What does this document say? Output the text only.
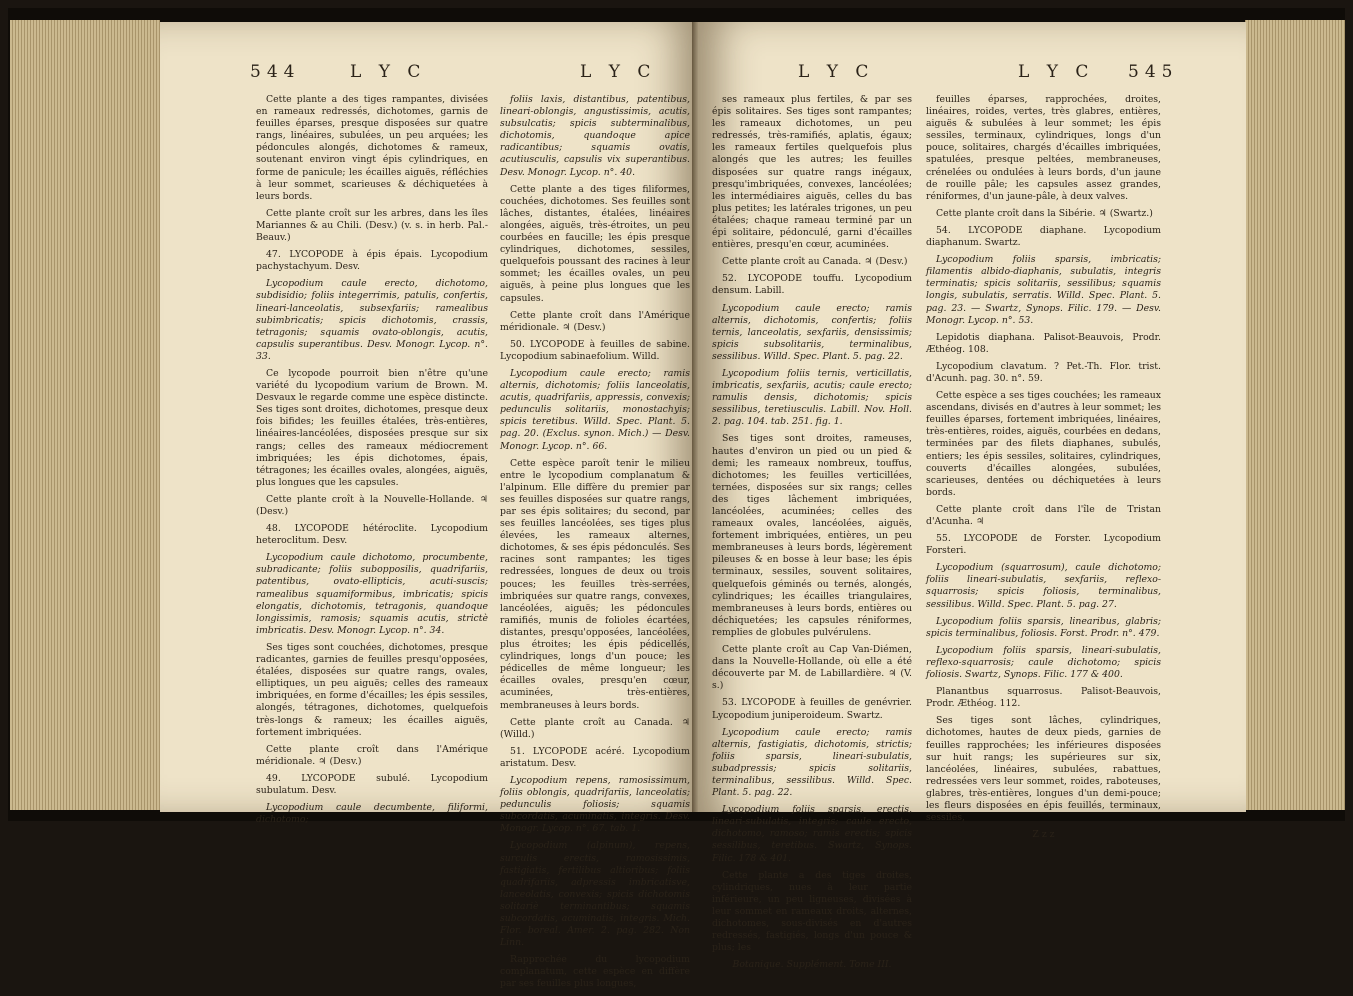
544	L Y C	L Y C

Cette plante a des tiges rampantes, divisées en rameaux redressés, dichotomes, garnis de feuilles éparses, presque disposées sur quatre rangs, linéaires, subulées, un peu arquées; les pédoncules alongés, dichotomes & rameux, soutenant environ vingt épis cylindriques, en forme de panicule; les écailles aiguës, réfléchies à leur sommet, scarieuses & déchiquetées à leurs bords.

Cette plante croît sur les arbres, dans les îles Mariannes & au Chili. (Desv.) (v. s. in herb. Pal.-Beauv.)

47. LYCOPODE à épis épais. Lycopodium pachystachyum. Desv.

Lycopodium caule erecto, dichotomo, subdisidio; foliis integerrimis, patulis, confertis, lineari-lanceolatis, subsexfariis; ramealibus subimbricatis; spicis dichotomis, crassis, tetragonis; squamis ovato-oblongis, acutis, capsulis superantibus. Desv. Monogr. Lycop. n°. 33.

Ce lycopode pourroit bien n'être qu'une variété du lycopodium varium de Brown. M. Desvaux le regarde comme une espèce distincte. Ses tiges sont droites, dichotomes, presque deux fois bifides; les feuilles étalées, très-entières, linéaires-lancéolées, disposées presque sur six rangs; celles des rameaux médiocrement imbriquées; les épis dichotomes, épais, tétragones; les écailles ovales, alongées, aiguës, plus longues que les capsules.

Cette plante croît à la Nouvelle-Hollande. ♃ (Desv.)

48. LYCOPODE hétéroclite. Lycopodium heteroclitum. Desv.

Lycopodium caule dichotomo, procumbente, subradicante; foliis subopposilis, quadrifariis, patentibus, ovato-ellipticis, acuti-suscis; ramealibus squamiformibus, imbricatis; spicis elongatis, dichotomis, tetragonis, quandoque longissimis, ramosis; squamis acutis, strictè imbricatis. Desv. Monogr. Lycop. n°. 34.

Ses tiges sont couchées, dichotomes, presque radicantes, garnies de feuilles presqu'opposées, étalées, disposées sur quatre rangs, ovales, elliptiques, un peu aiguës; celles des rameaux imbriquées, en forme d'écailles; les épis sessiles, alongés, tétragones, dichotomes, quelquefois très-longs & rameux; les écailles aiguës, fortement imbriquées.

Cette plante croît dans l'Amérique méridionale. ♃ (Desv.)

49. LYCOPODE subulé. Lycopodium subulatum. Desv.

Lycopodium caule decumbente, filiformi, dichotomo;

foliis laxis, distantibus, patentibus, lineari-oblongis, angustissimis, acutis, subsulcatis; spicis subterminalibus, dichotomis, quandoque apice radicantibus; squamis ovatis, acutiusculis, capsulis vix superantibus. Desv. Monogr. Lycop. n°. 40.

Cette plante a des tiges filiformes, couchées, dichotomes. Ses feuilles sont lâches, distantes, étalées, linéaires alongées, aiguës, très-étroites, un peu courbées en faucille; les épis presque cylindriques, dichotomes, sessiles, quelquefois poussant des racines à leur sommet; les écailles ovales, un peu aiguës, à peine plus longues que les capsules.

Cette plante croît dans l'Amérique méridionale. ♃ (Desv.)

50. LYCOPODE à feuilles de sabine. Lycopodium sabinaefolium. Willd.

Lycopodium caule erecto; ramis alternis, dichotomis; foliis lanceolatis, acutis, quadrifariis, appressis, convexis; pedunculis solitariis, monostachyis; spicis teretibus. Willd. Spec. Plant. 5. pag. 20. (Exclus. synon. Mich.) — Desv. Monogr. Lycop. n°. 66.

Cette espèce paroît tenir le milieu entre le lycopodium complanatum & l'alpinum. Elle diffère du premier par ses feuilles disposées sur quatre rangs, par ses épis solitaires; du second, par ses feuilles lancéolées, ses tiges plus élevées, les rameaux alternes, dichotomes, & ses épis pédonculés. Ses racines sont rampantes; les tiges redressées, longues de deux ou trois pouces; les feuilles très-serrées, imbriquées sur quatre rangs, convexes, lancéolées, aiguës; les pédoncules ramifiés, munis de folioles écartées, distantes, presqu'opposées, lancéolées, plus étroites; les épis pédicellés, cylindriques, longs d'un pouce; les pédicelles de même longueur; les écailles ovales, presqu'en cœur, acuminées, très-entières, membraneuses à leurs bords.

Cette plante croît au Canada. ♃ (Willd.)

51. LYCOPODE acéré. Lycopodium aristatum. Desv.

Lycopodium repens, ramosissimum, foliis oblongis, quadrifariis, lanceolatis; pedunculis foliosis; squamis subcordatis, acuminatis, integris. Desv. Monogr. Lycop. n°. 67. tab. 1.

Lycopodium (alpinum), repens, surculis erectis, ramosissimis, fastigiatis, fertilibus altioribus; foliis quadrifariis, adpressis imbricatisve, lanceolatis, convexis; spicis dichotomis solitariè terminantibus; squamis subcordatis, acuminatis, integris. Mich. Flor. boreal. Amer. 2. pag. 282. Non Linn.

Rapprochée du lycopodium complanatum, cette espèce en diffère par ses feuilles plus longues,

L Y C	L Y C 545

ses rameaux plus fertiles, & par ses épis solitaires. Ses tiges sont rampantes; les rameaux dichotomes, un peu redressés, très-ramifiés, aplatis, égaux; les rameaux fertiles quelquefois plus alongés que les autres; les feuilles disposées sur quatre rangs inégaux, presqu'imbriquées, convexes, lancéolées; les intermédiaires aiguës, celles du bas plus petites; les latérales trigones, un peu étalées; chaque rameau terminé par un épi solitaire, pédonculé, garni d'écailles entières, presqu'en cœur, acuminées.

Cette plante croît au Canada. ♃ (Desv.)

52. LYCOPODE touffu. Lycopodium densum. Labill.

Lycopodium caule erecto; ramis alternis, dichotomis, confertis; foliis ternis, lanceolatis, sexfariis, densissimis; spicis subsolitariis, terminalibus, sessilibus. Willd. Spec. Plant. 5. pag. 22.

Lycopodium foliis ternis, verticillatis, imbricatis, sexfariis, acutis; caule erecto; ramulis densis, dichotomis; spicis sessilibus, teretiusculis. Labill. Nov. Holl. 2. pag. 104. tab. 251. fig. 1.

Ses tiges sont droites, rameuses, hautes d'environ un pied ou un pied & demi; les rameaux nombreux, touffus, dichotomes; les feuilles verticillées, ternées, disposées sur six rangs; celles des tiges lâchement imbriquées, lancéolées, acuminées; celles des rameaux ovales, lancéolées, aiguës, fortement imbriquées, entières, un peu membraneuses à leurs bords, légèrement pileuses & en bosse à leur base; les épis terminaux, sessiles, souvent solitaires, quelquefois géminés ou ternés, alongés, cylindriques; les écailles triangulaires, membraneuses à leurs bords, entières ou déchiquetées; les capsules réniformes, remplies de globules pulvérulens.

Cette plante croît au Cap Van-Diémen, dans la Nouvelle-Hollande, où elle a été découverte par M. de Labillardière. ♃ (V. s.)

53. LYCOPODE à feuilles de genévrier. Lycopodium juniperoideum. Swartz.

Lycopodium caule erecto; ramis alternis, fastigiatis, dichotomis, strictis; foliis sparsis, lineari-subulatis, subadpressis; spicis solitariis, terminalibus, sessilibus. Willd. Spec. Plant. 5. pag. 22.

Lycopodium foliis sparsis, erectis, lineari-subulatis, integris; caule erecto, dichotomo, ramoso; ramis erectis; spicis sessilibus, teretibus. Swartz, Synops. Filic. 178 & 401.

Cette plante a des tiges droites, cylindriques, nues à leur partie inférieure, un peu ligneuses, divisées à leur sommet en rameaux droits, alternes, dichotomes, sous-divisés en d'autres redressés, fastigiés, longs d'un pouce & plus; les

Botanique. Supplément. Tome III.

feuilles éparses, rapprochées, droites, linéaires, roides, vertes, très glabres, entières, aiguës & subulées à leur sommet; les épis sessiles, terminaux, cylindriques, longs d'un pouce, solitaires, chargés d'écailles imbriquées, spatulées, presque peltées, membraneuses, crénelées ou ondulées à leurs bords, d'un jaune de rouille pâle; les capsules assez grandes, réniformes, d'un jaune-pâle, à deux valves.

Cette plante croît dans la Sibérie. ♃ (Swartz.)

54. LYCOPODE diaphane. Lycopodium diaphanum. Swartz.

Lycopodium foliis sparsis, imbricatis; filamentis albido-diaphanis, subulatis, integris terminatis; spicis solitariis, sessilibus; squamis longis, subulatis, serratis. Willd. Spec. Plant. 5. pag. 23. — Swartz, Synops. Filic. 179. — Desv. Monogr. Lycop. n°. 53.

Lepidotis diaphana. Palisot-Beauvois, Prodr. Æthéog. 108.

Lycopodium clavatum. ? Pet.-Th. Flor. trist. d'Acunh. pag. 30. n°. 59.

Cette espèce a ses tiges couchées; les rameaux ascendans, divisés en d'autres à leur sommet; les feuilles éparses, fortement imbriquées, linéaires, très-entières, roides, aiguës, courbées en dedans, terminées par des filets diaphanes, subulés, entiers; les épis sessiles, solitaires, cylindriques, couverts d'écailles alongées, subulées, scarieuses, dentées ou déchiquetées à leurs bords.

Cette plante croît dans l'île de Tristan d'Acunha. ♃

55. LYCOPODE de Forster. Lycopodium Forsteri.

Lycopodium (squarrosum), caule dichotomo; foliis lineari-subulatis, sexfariis, reflexo-squarrosis; spicis foliosis, terminalibus, sessilibus. Willd. Spec. Plant. 5. pag. 27.

Lycopodium foliis sparsis, linearibus, glabris; spicis terminalibus, foliosis. Forst. Prodr. n°. 479.

Lycopodium foliis sparsis, lineari-subulatis, reflexo-squarrosis; caule dichotomo; spicis foliosis. Swartz, Synops. Filic. 177 & 400.

Planantbus squarrosus. Palisot-Beauvois, Prodr. Æthéog. 112.

Ses tiges sont lâches, cylindriques, dichotomes, hautes de deux pieds, garnies de feuilles rapprochées; les inférieures disposées sur huit rangs; les supérieures sur six, lancéolées, linéaires, subulées, rabattues, redressées vers leur sommet, roides, raboteuses, glabres, très-entières, longues d'un demi-pouce; les fleurs disposées en épis feuillés, terminaux, sessiles,

Z z z
